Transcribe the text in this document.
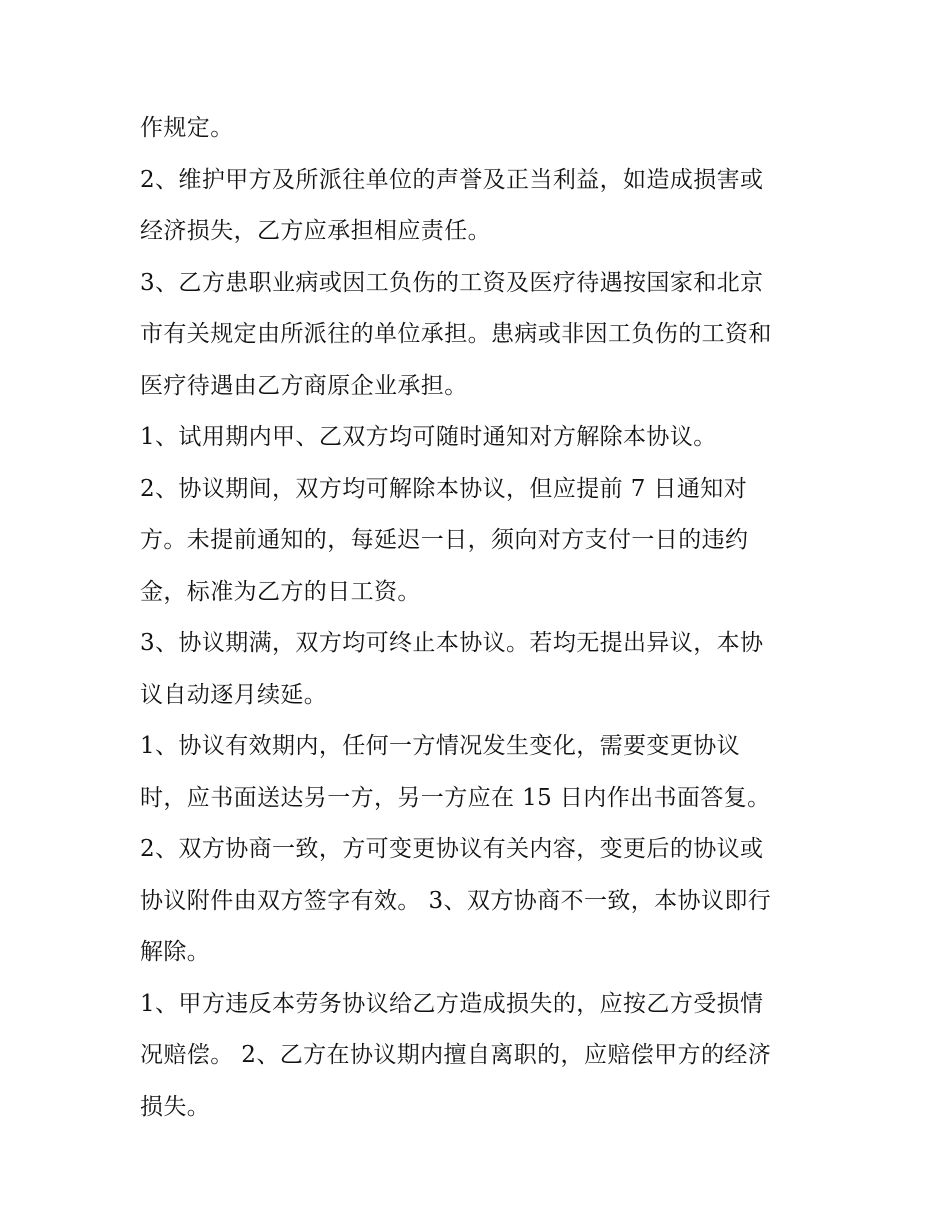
作规定。
2、维护甲方及所派往单位的声誉及正当利益，如造成损害或
经济损失，乙方应承担相应责任。
3、乙方患职业病或因工负伤的工资及医疗待遇按国家和北京
市有关规定由所派往的单位承担。患病或非因工负伤的工资和
医疗待遇由乙方商原企业承担。
1、试用期内甲、乙双方均可随时通知对方解除本协议。
2、协议期间，双方均可解除本协议，但应提前 7 日通知对
方。未提前通知的，每延迟一日，须向对方支付一日的违约
金，标准为乙方的日工资。
3、协议期满，双方均可终止本协议。若均无提出异议，本协
议自动逐月续延。
1、协议有效期内，任何一方情况发生变化，需要变更协议
时，应书面送达另一方，另一方应在 15 日内作出书面答复。
2、双方协商一致，方可变更协议有关内容，变更后的协议或
协议附件由双方签字有效。 3、双方协商不一致，本协议即行
解除。
1、甲方违反本劳务协议给乙方造成损失的，应按乙方受损情
况赔偿。 2、乙方在协议期内擅自离职的，应赔偿甲方的经济
损失。
